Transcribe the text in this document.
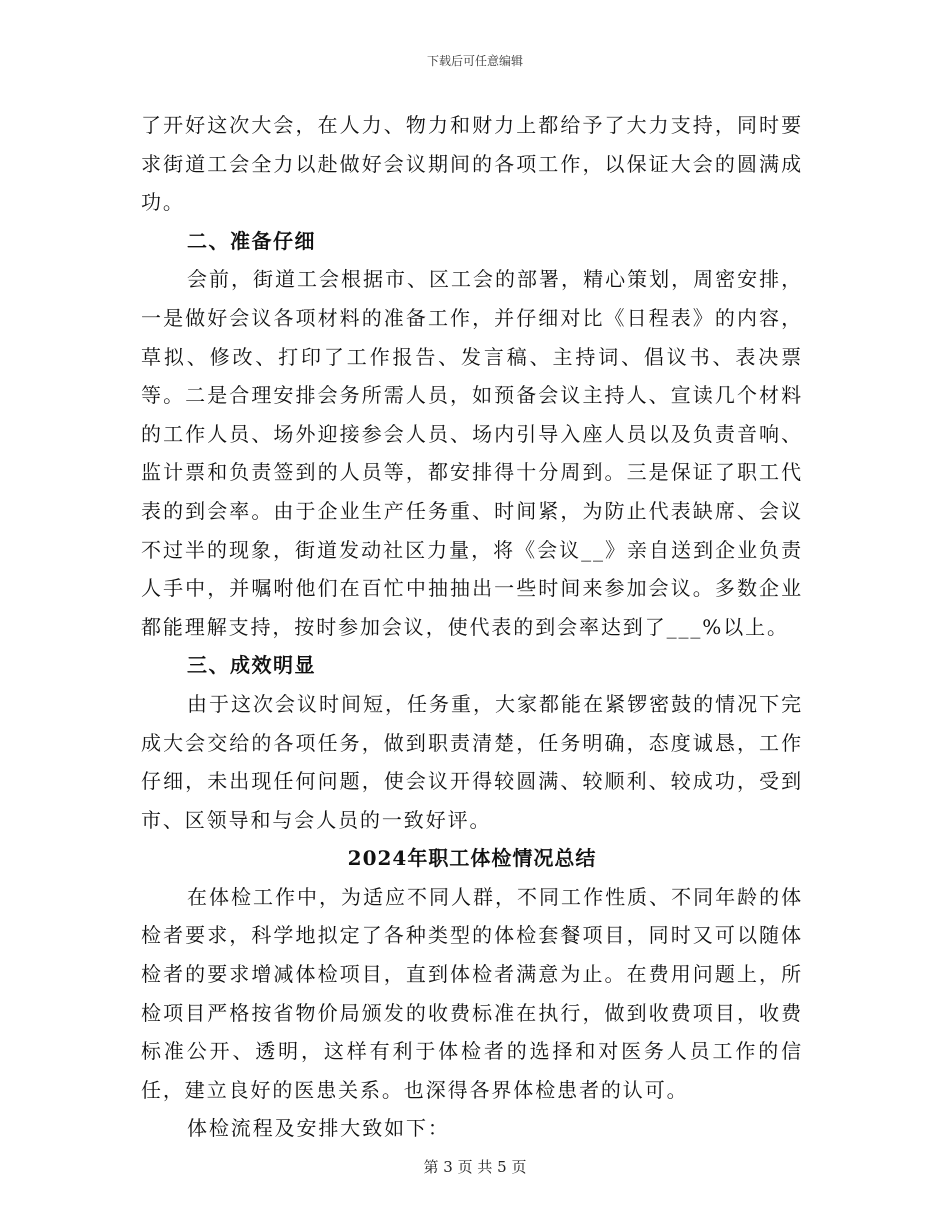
下载后可任意编辑

了开好这次大会，在人力、物力和财力上都给予了大力支持，同时要求街道工会全力以赴做好会议期间的各项工作，以保证大会的圆满成功。

二、准备仔细

会前，街道工会根据市、区工会的部署，精心策划，周密安排，一是做好会议各项材料的准备工作，并仔细对比《日程表》的内容，草拟、修改、打印了工作报告、发言稿、主持词、倡议书、表决票等。二是合理安排会务所需人员，如预备会议主持人、宣读几个材料的工作人员、场外迎接参会人员、场内引导入座人员以及负责音响、监计票和负责签到的人员等，都安排得十分周到。三是保证了职工代表的到会率。由于企业生产任务重、时间紧，为防止代表缺席、会议不过半的现象，街道发动社区力量，将《会议__》亲自送到企业负责人手中，并嘱咐他们在百忙中抽抽出一些时间来参加会议。多数企业都能理解支持，按时参加会议，使代表的到会率达到了___%以上。

三、成效明显

由于这次会议时间短，任务重，大家都能在紧锣密鼓的情况下完成大会交给的各项任务，做到职责清楚，任务明确，态度诚恳，工作仔细，未出现任何问题，使会议开得较圆满、较顺利、较成功，受到市、区领导和与会人员的一致好评。

2024年职工体检情况总结

在体检工作中，为适应不同人群，不同工作性质、不同年龄的体检者要求，科学地拟定了各种类型的体检套餐项目，同时又可以随体检者的要求增减体检项目，直到体检者满意为止。在费用问题上，所检项目严格按省物价局颁发的收费标准在执行，做到收费项目，收费标准公开、透明，这样有利于体检者的选择和对医务人员工作的信任，建立良好的医患关系。也深得各界体检患者的认可。

体检流程及安排大致如下：

第 3 页 共 5 页
